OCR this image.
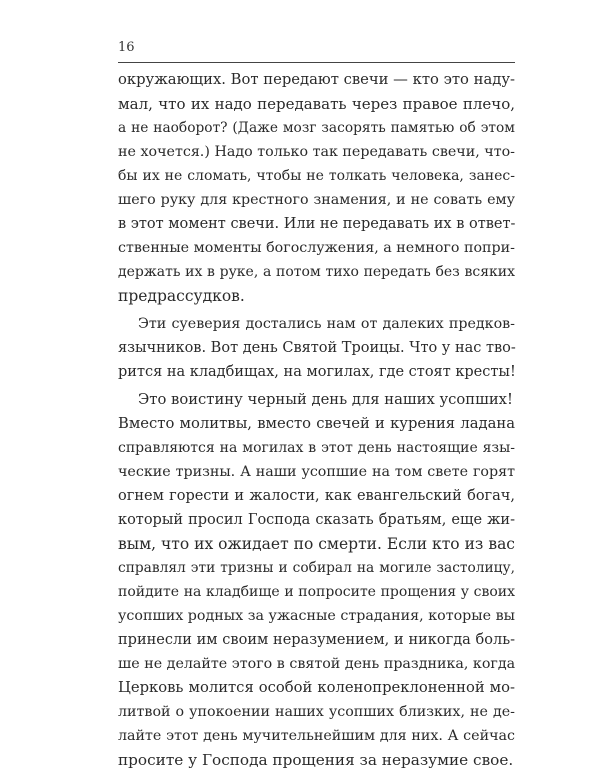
16
окружающих. Вот передают свечи — кто это наду-
мал, что их надо передавать через правое плечо,
а не наоборот? (Даже мозг засорять памятью об этом
не хочется.) Надо только так передавать свечи, что-
бы их не сломать, чтобы не толкать человека, занес-
шего руку для крестного знамения, и не совать ему
в этот момент свечи. Или не передавать их в ответ-
ственные моменты богослужения, а немного попри-
держать их в руке, а потом тихо передать без всяких
предрассудков.
Эти суеверия достались нам от далеких предков-
язычников. Вот день Святой Троицы. Что у нас тво-
рится на кладбищах, на могилах, где стоят кресты!
Это воистину черный день для наших усопших!
Вместо молитвы, вместо свечей и курения ладана
справляются на могилах в этот день настоящие язы-
ческие тризны. А наши усопшие на том свете горят
огнем горести и жалости, как евангельский богач,
который просил Господа сказать братьям, еще жи-
вым, что их ожидает по смерти. Если кто из вас
справлял эти тризны и собирал на могиле застолицу,
пойдите на кладбище и попросите прощения у своих
усопших родных за ужасные страдания, которые вы
принесли им своим неразумением, и никогда боль-
ше не делайте этого в святой день праздника, когда
Церковь молится особой коленопреклоненной мо-
литвой о упокоении наших усопших близких, не де-
лайте этот день мучительнейшим для них. А сейчас
просите у Господа прощения за неразумие свое.
